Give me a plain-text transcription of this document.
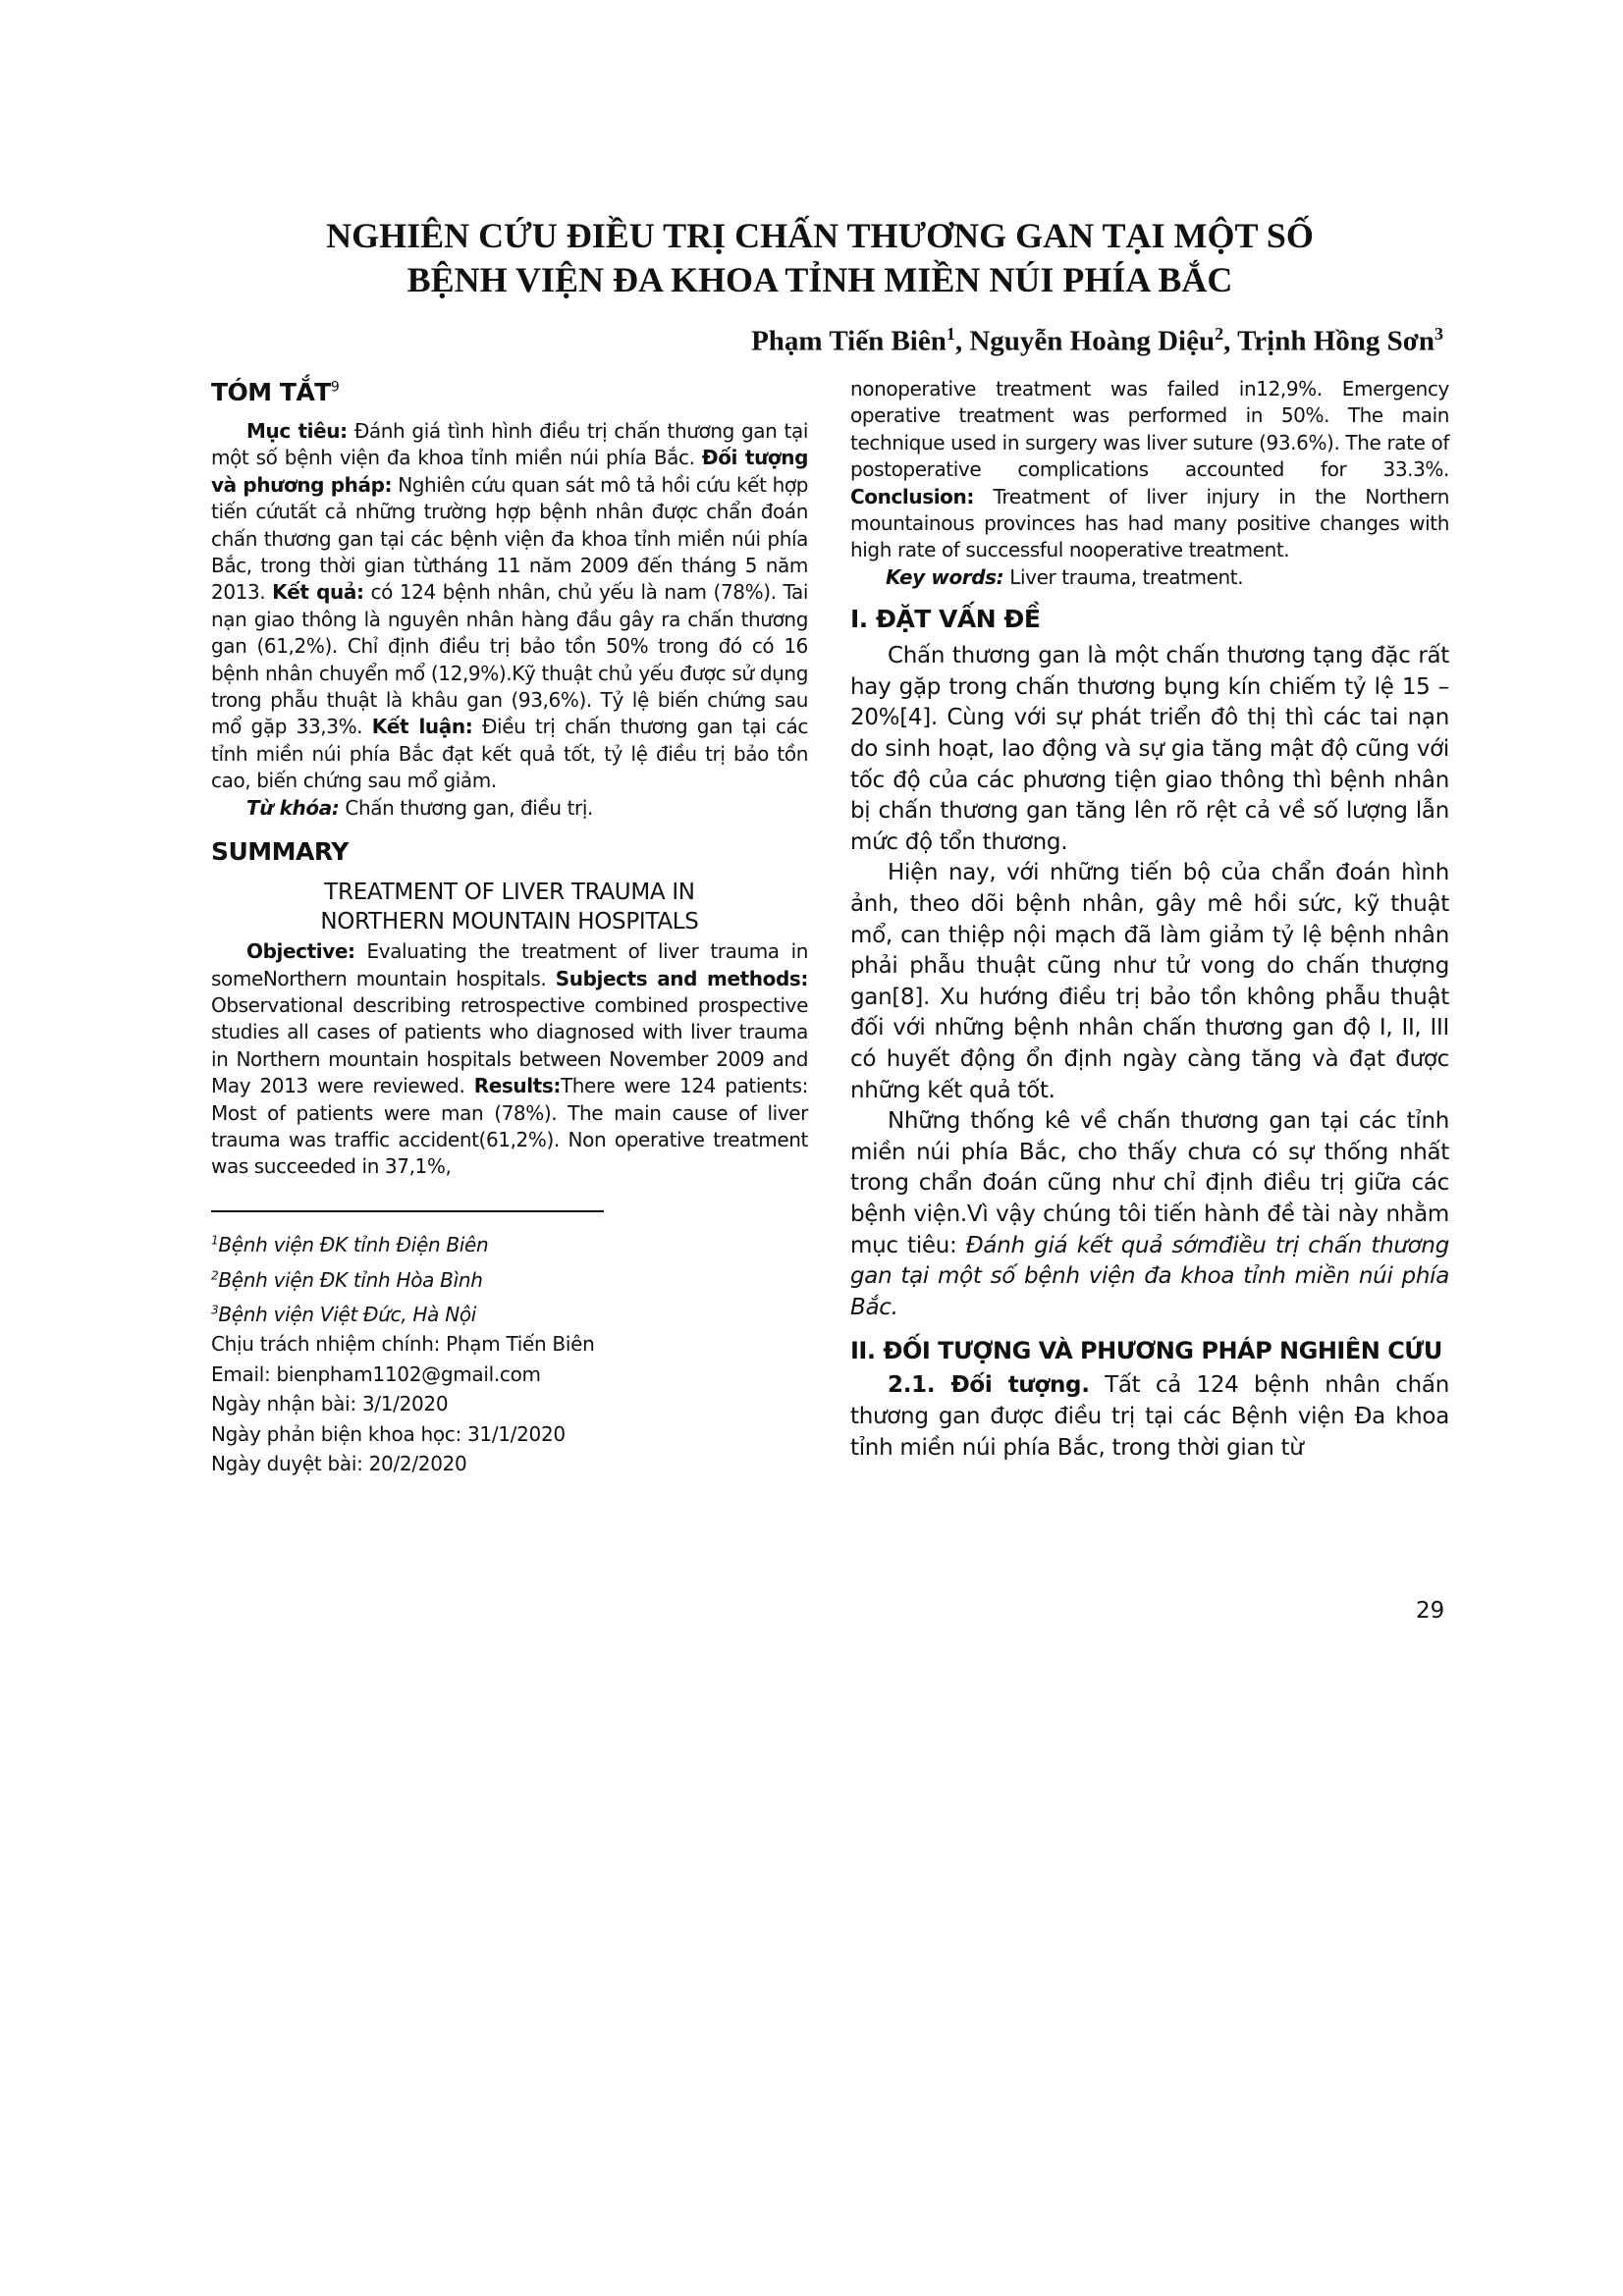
NGHIÊN CỨU ĐIỀU TRỊ CHẤN THƯƠNG GAN TẠI MỘT SỐ
BỆNH VIỆN ĐA KHOA TỈNH MIỀN NÚI PHÍA BẮC
Phạm Tiến Biên$^1$, Nguyễn Hoàng Diệu$^2$, Trịnh Hồng Sơn$^3$
TÓM TẮT$^9$

Mục tiêu: Đánh giá tình hình điều trị chấn thương gan tại một số bệnh viện đa khoa tỉnh miền núi phía Bắc. Đối tượng và phương pháp: Nghiên cứu quan sát mô tả hồi cứu kết hợp tiến cứutất cả những trường hợp bệnh nhân được chẩn đoán chấn thương gan tại các bệnh viện đa khoa tỉnh miền núi phía Bắc, trong thời gian từtháng 11 năm 2009 đến tháng 5 năm 2013. Kết quả: có 124 bệnh nhân, chủ yếu là nam (78%). Tai nạn giao thông là nguyên nhân hàng đầu gây ra chấn thương gan (61,2%). Chỉ định điều trị bảo tồn 50% trong đó có 16 bệnh nhân chuyển mổ (12,9%).Kỹ thuật chủ yếu được sử dụng trong phẫu thuật là khâu gan (93,6%). Tỷ lệ biến chứng sau mổ gặp 33,3%. Kết luận: Điều trị chấn thương gan tại các tỉnh miền núi phía Bắc đạt kết quả tốt, tỷ lệ điều trị bảo tồn cao, biến chứng sau mổ giảm.

Từ khóa: Chấn thương gan, điều trị.

SUMMARY
TREATMENT OF LIVER TRAUMA IN
NORTHERN MOUNTAIN HOSPITALS

Objective: Evaluating the treatment of liver trauma in someNorthern mountain hospitals. Subjects and methods: Observational describing retrospective combined prospective studies all cases of patients who diagnosed with liver trauma in Northern mountain hospitals between November 2009 and May 2013 were reviewed. Results:There were 124 patients: Most of patients were man (78%). The main cause of liver trauma was traffic accident(61,2%). Non operative treatment was succeeded in 37,1%,

$^1$Bệnh viện ĐK tỉnh Điện Biên
$^2$Bệnh viện ĐK tỉnh Hòa Bình
$^3$Bệnh viện Việt Đức, Hà Nội
Chịu trách nhiệm chính: Phạm Tiến Biên
Email: bienpham1102@gmail.com
Ngày nhận bài: 3/1/2020
Ngày phản biện khoa học: 31/1/2020
Ngày duyệt bài: 20/2/2020

nonoperative treatment was failed in12,9%. Emergency operative treatment was performed in 50%. The main technique used in surgery was liver suture (93.6%). The rate of postoperative complications accounted for 33.3%. Conclusion: Treatment of liver injury in the Northern mountainous provinces has had many positive changes with high rate of successful nooperative treatment.

Key words: Liver trauma, treatment.

I. ĐẶT VẤN ĐỀ

Chấn thương gan là một chấn thương tạng đặc rất hay gặp trong chấn thương bụng kín chiếm tỷ lệ 15 – 20%[4]. Cùng với sự phát triển đô thị thì các tai nạn do sinh hoạt, lao động và sự gia tăng mật độ cũng với tốc độ của các phương tiện giao thông thì bệnh nhân bị chấn thương gan tăng lên rõ rệt cả về số lượng lẫn mức độ tổn thương.

Hiện nay, với những tiến bộ của chẩn đoán hình ảnh, theo dõi bệnh nhân, gây mê hồi sức, kỹ thuật mổ, can thiệp nội mạch đã làm giảm tỷ lệ bệnh nhân phải phẫu thuật cũng như tử vong do chấn thượng gan[8]. Xu hướng điều trị bảo tồn không phẫu thuật đối với những bệnh nhân chấn thương gan độ I, II, III có huyết động ổn định ngày càng tăng và đạt được những kết quả tốt.

Những thống kê về chấn thương gan tại các tỉnh miền núi phía Bắc, cho thấy chưa có sự thống nhất trong chẩn đoán cũng như chỉ định điều trị giữa các bệnh viện.Vì vậy chúng tôi tiến hành đề tài này nhằm mục tiêu: Đánh giá kết quả sớmđiều trị chấn thương gan tại một số bệnh viện đa khoa tỉnh miền núi phía Bắc.

II. ĐỐI TƯỢNG VÀ PHƯƠNG PHÁP NGHIÊN CỨU

2.1. Đối tượng. Tất cả 124 bệnh nhân chấn thương gan được điều trị tại các Bệnh viện Đa khoa tỉnh miền núi phía Bắc, trong thời gian từ

29
